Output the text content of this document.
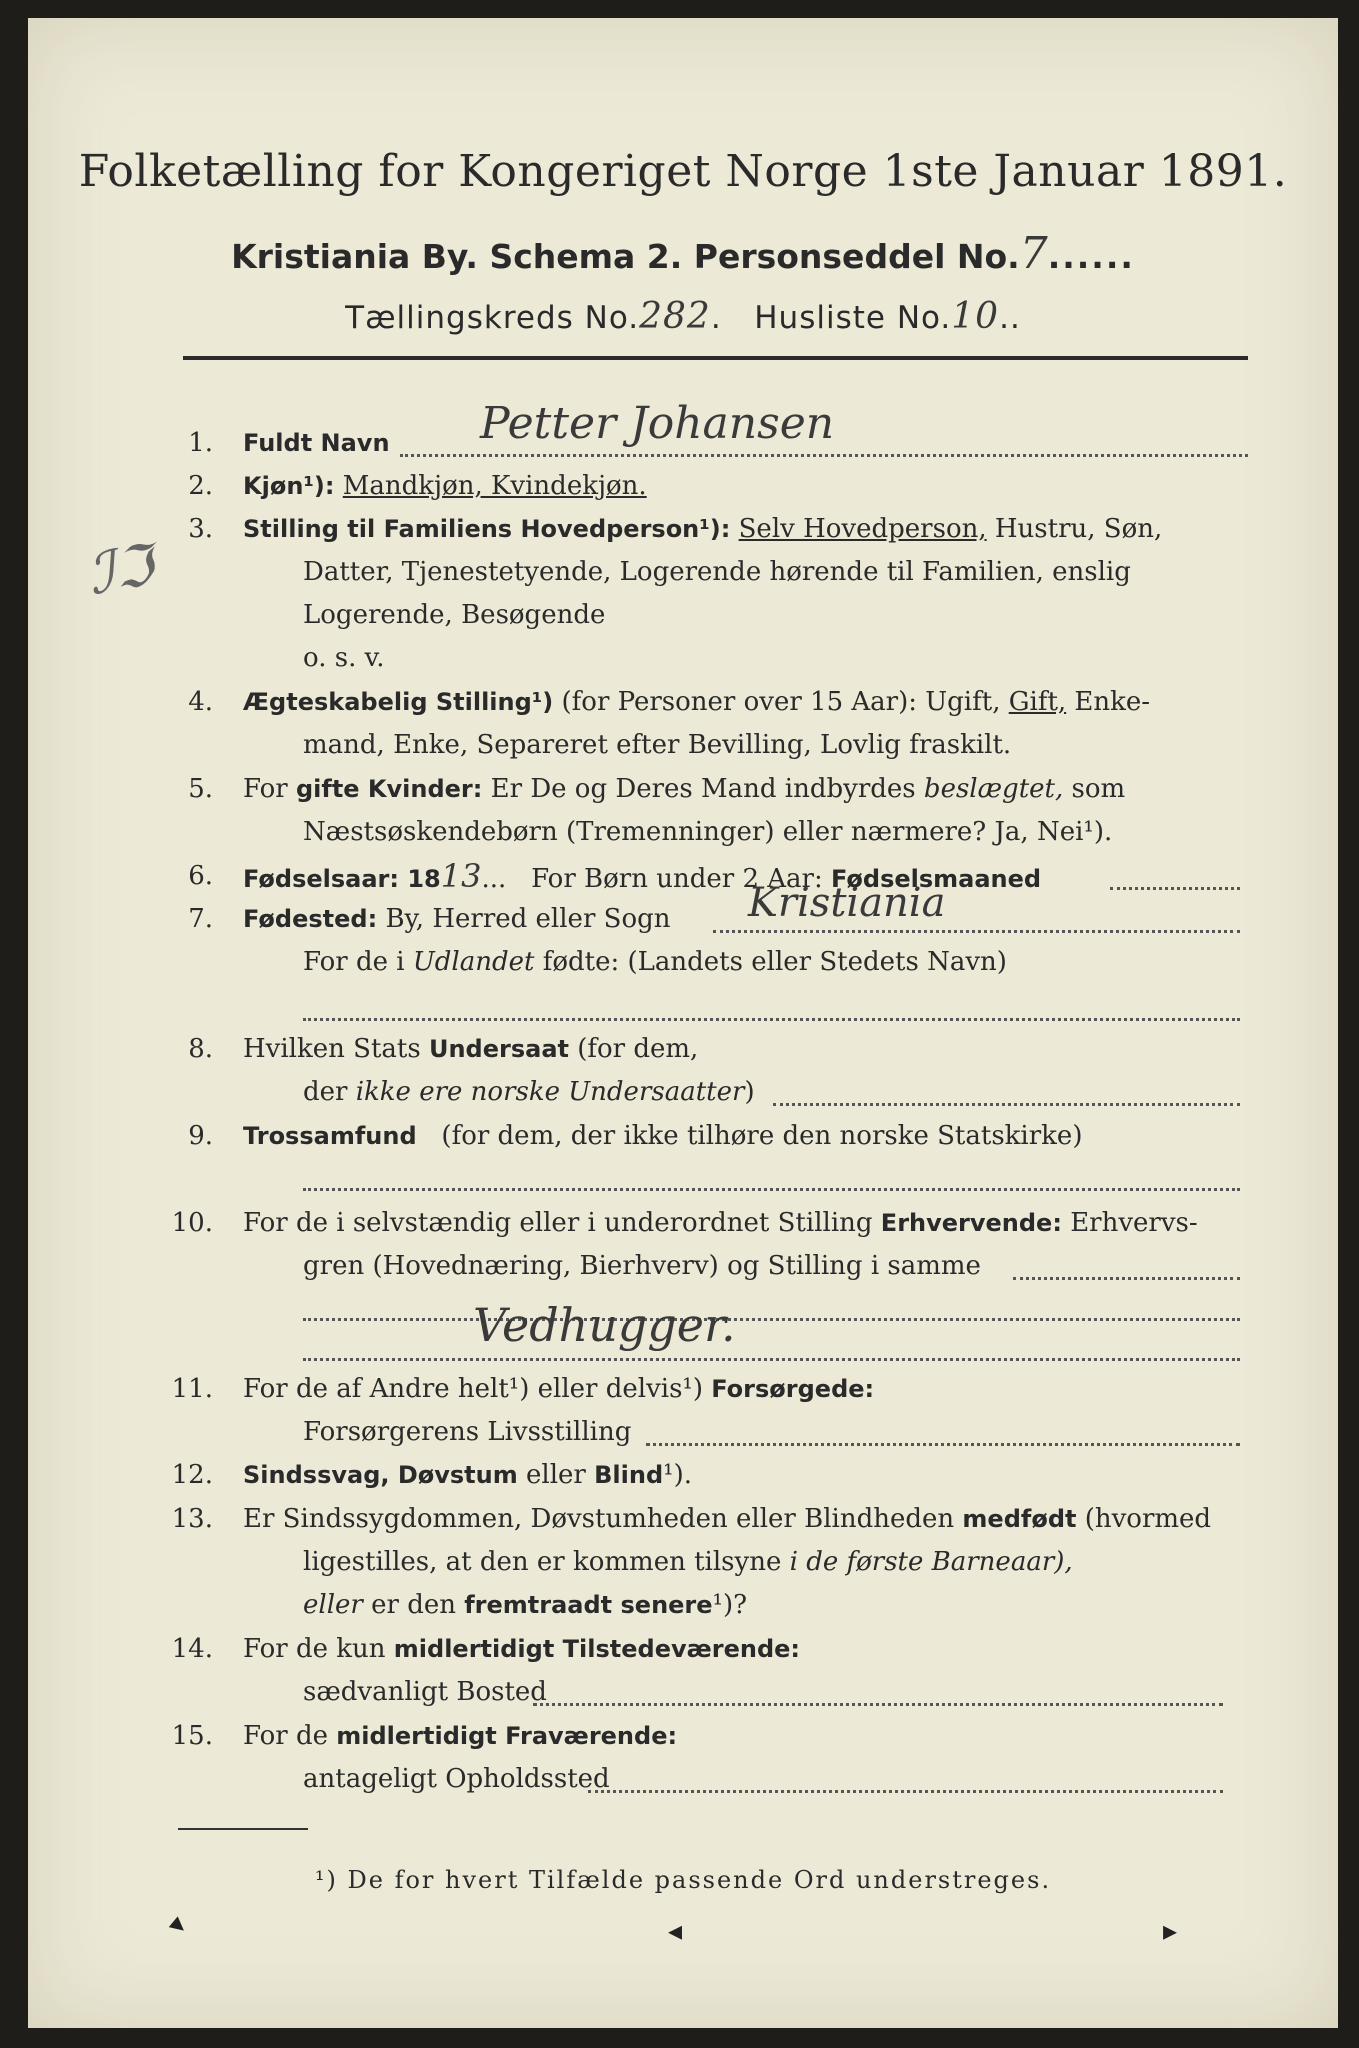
Folketælling for Kongeriget Norge 1ste Januar 1891.
Kristiania By. Schema 2. Personseddel No.7......
Tællingskreds No.282.   Husliste No.10..
ℐℑ
1. Fuldt Navn Petter Johansen
2. Kjøn¹): Mandkjøn, Kvindekjøn.
3. Stilling til Familiens Hovedperson¹): Selv Hovedperson, Hustru, Søn,
Datter, Tjenestetyende, Logerende hørende til Familien, enslig
Logerende, Besøgende
o. s. v.
4. Ægteskabelig Stilling¹) (for Personer over 15 Aar): Ugift, Gift, Enke-
mand, Enke, Separeret efter Bevilling, Lovlig fraskilt.
5. For gifte Kvinder: Er De og Deres Mand indbyrdes beslægtet, som
Næstsøskendebørn (Tremenninger) eller nærmere? Ja, Nei¹).
6. Fødselsaar: 1813...   For Børn under 2 Aar: Fødselsmaaned
7. Fødested: By, Herred eller Sogn Kristiania
For de i Udlandet fødte: (Landets eller Stedets Navn)
8. Hvilken Stats Undersaat (for dem,
der ikke ere norske Undersaatter)
9. Trossamfund (for dem, der ikke tilhøre den norske Statskirke)
10. For de i selvstændig eller i underordnet Stilling Erhvervende: Erhvervs-
gren (Hovednæring, Bierhverv) og Stilling i samme
Vedhugger.
11. For de af Andre helt¹) eller delvis¹) Forsørgede:
Forsørgerens Livsstilling
12. Sindssvag, Døvstum eller Blind¹).
13. Er Sindssygdommen, Døvstumheden eller Blindheden medfødt (hvormed
ligestilles, at den er kommen tilsyne i de første Barneaar),
eller er den fremtraadt senere¹)?
14. For de kun midlertidigt Tilstedeværende:
sædvanligt Bosted
15. For de midlertidigt Fraværende:
antageligt Opholdssted
¹) De for hvert Tilfælde passende Ord understreges.
▸	◂	▸
